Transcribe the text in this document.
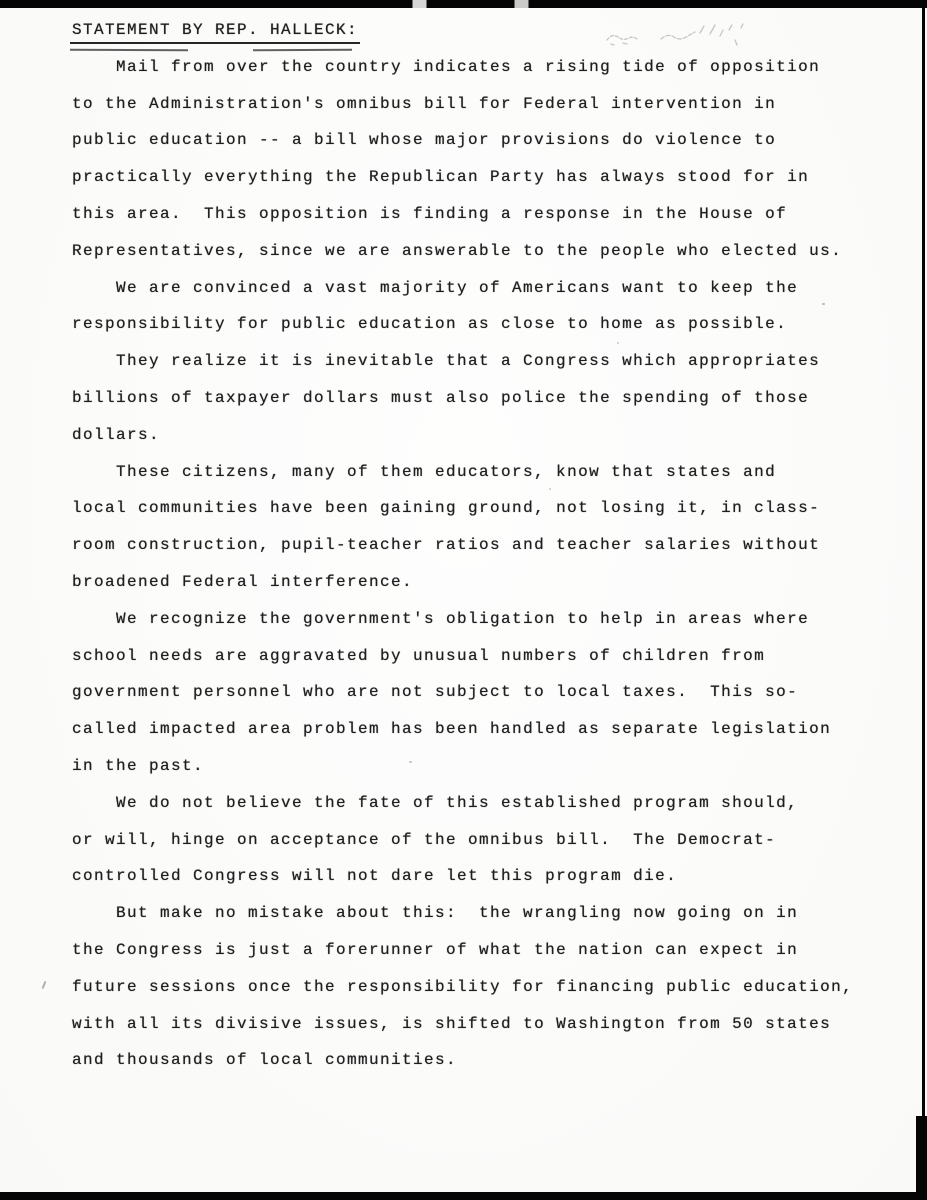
STATEMENT BY REP. HALLECK:
Mail from over the country indicates a rising tide of opposition
to the Administration's omnibus bill for Federal intervention in
public education -- a bill whose major provisions do violence to
practically everything the Republican Party has always stood for in
this area.  This opposition is finding a response in the House of
Representatives, since we are answerable to the people who elected us.
We are convinced a vast majority of Americans want to keep the
responsibility for public education as close to home as possible.
They realize it is inevitable that a Congress which appropriates
billions of taxpayer dollars must also police the spending of those
dollars.
These citizens, many of them educators, know that states and
local communities have been gaining ground, not losing it, in class-
room construction, pupil-teacher ratios and teacher salaries without
broadened Federal interference.
We recognize the government's obligation to help in areas where
school needs are aggravated by unusual numbers of children from
government personnel who are not subject to local taxes.  This so-
called impacted area problem has been handled as separate legislation
in the past.
We do not believe the fate of this established program should,
or will, hinge on acceptance of the omnibus bill.  The Democrat-
controlled Congress will not dare let this program die.
But make no mistake about this:  the wrangling now going on in
the Congress is just a forerunner of what the nation can expect in
future sessions once the responsibility for financing public education,
with all its divisive issues, is shifted to Washington from 50 states
and thousands of local communities.
